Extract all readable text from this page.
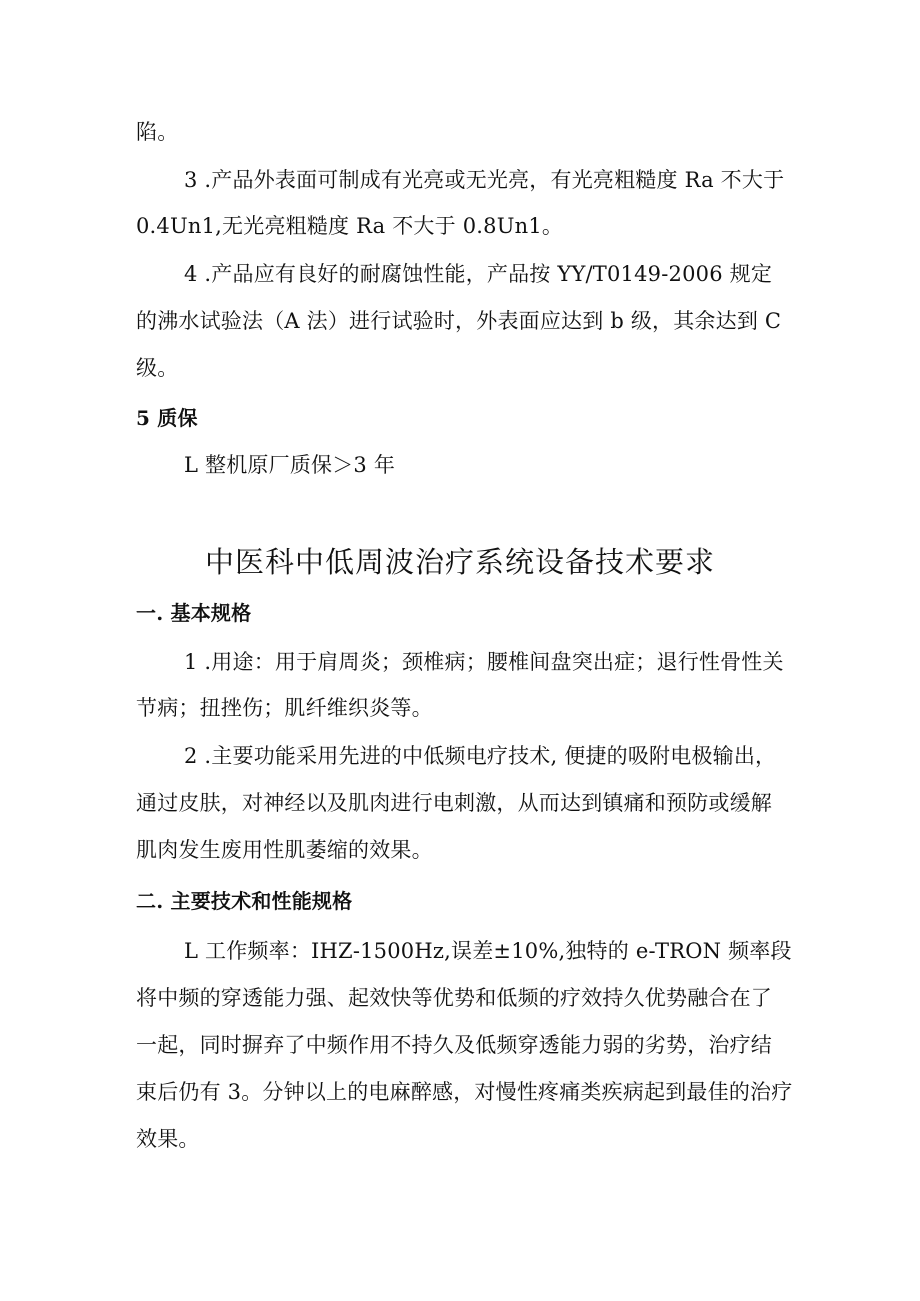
陷。
3 .产品外表面可制成有光亮或无光亮，有光亮粗糙度 Ra 不大于
0.4Un1,无光亮粗糙度 Ra 不大于 0.8Un1。
4 .产品应有良好的耐腐蚀性能，产品按 YY/T0149-2006 规定
的沸水试验法（A 法）进行试验时，外表面应达到 b 级，其余达到 C
级。
5 质保
L 整机原厂质保＞3 年
中医科中低周波治疗系统设备技术要求
一. 基本规格
1 .用途：用于肩周炎；颈椎病；腰椎间盘突出症；退行性骨性关
节病；扭挫伤；肌纤维织炎等。
2 .主要功能采用先进的中低频电疗技术, 便捷的吸附电极输出，
通过皮肤，对神经以及肌肉进行电刺激，从而达到镇痛和预防或缓解
肌肉发生废用性肌萎缩的效果。
二. 主要技术和性能规格
L 工作频率：IHZ-1500Hz,误差±10%,独特的 e-TRON 频率段
将中频的穿透能力强、起效快等优势和低频的疗效持久优势融合在了
一起，同时摒弃了中频作用不持久及低频穿透能力弱的劣势，治疗结
束后仍有 3。分钟以上的电麻醉感，对慢性疼痛类疾病起到最佳的治疗
效果。
